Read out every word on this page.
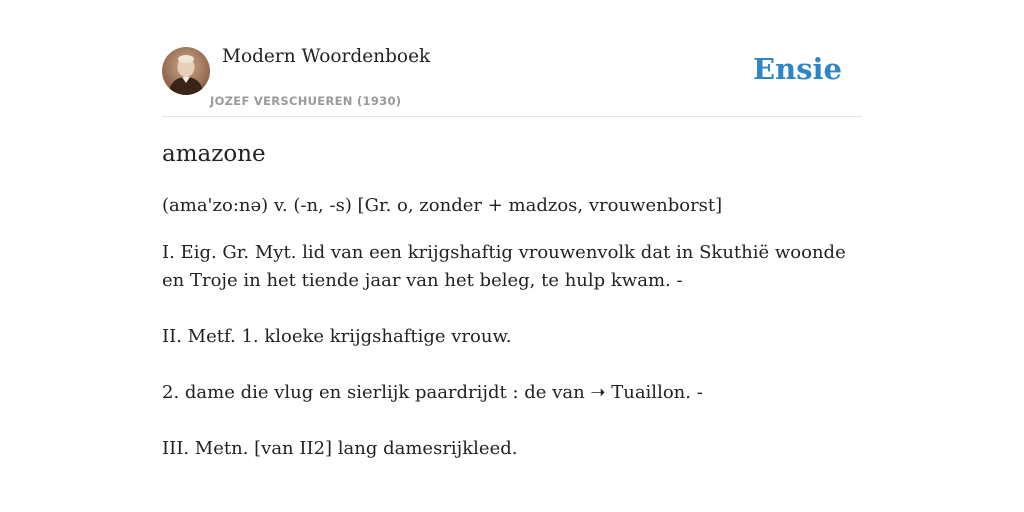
Modern Woordenboek
JOZEF VERSCHUEREN (1930)
Ensie
amazone
(ama'zo:nə) v. (-n, -s) [Gr. o, zonder + madzos, vrouwenborst]
I. Eig. Gr. Myt. lid van een krijgshaftig vrouwenvolk dat in Skuthië woonde en Troje in het tiende jaar van het beleg, te hulp kwam. -
II. Metf. 1. kloeke krijgshaftige vrouw.
2. dame die vlug en sierlijk paardrijdt : de van ➝ Tuaillon. -
III. Metn. [van II2] lang damesrijkleed.
